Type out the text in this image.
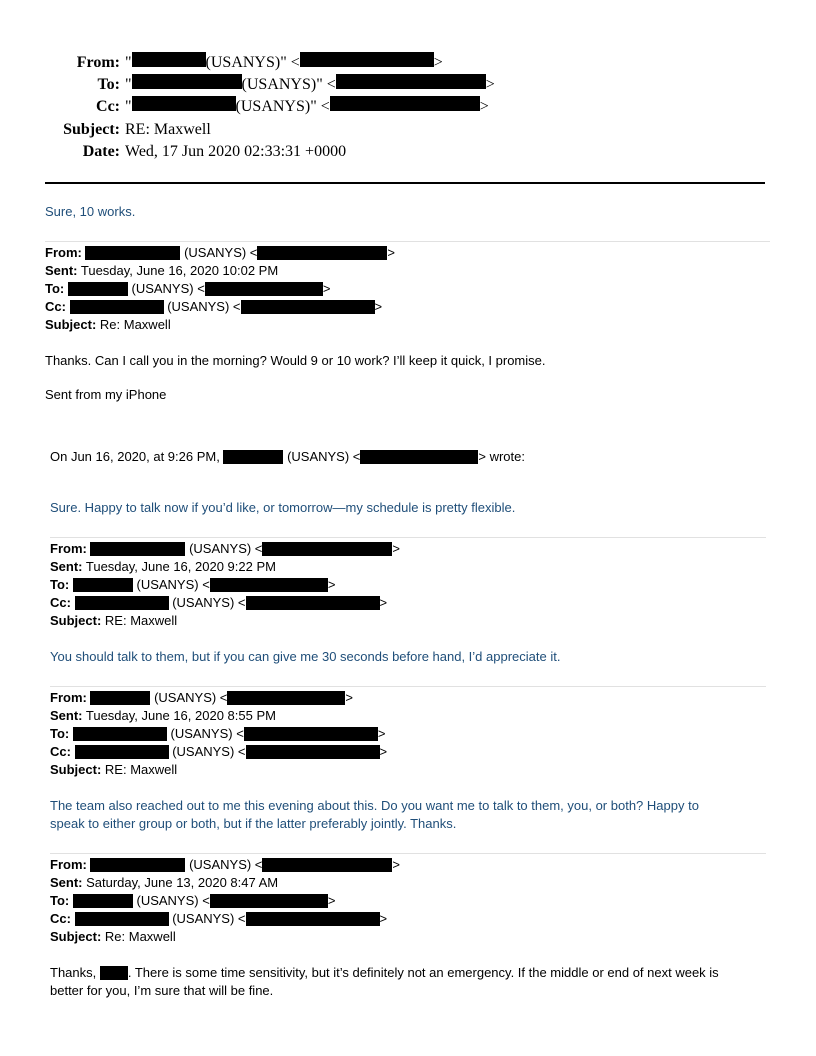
From: "	(USANYS)" <	>
To: "	(USANYS)" <	>
Cc: "	(USANYS)" <	>
Subject: RE: Maxwell
Date: Wed, 17 Jun 2020 02:33:31 +0000
Sure, 10 works.
From:	(USANYS) <	>
Sent: Tuesday, June 16, 2020 10:02 PM
To:	(USANYS) <	>
Cc:	(USANYS) <	>
Subject: Re: Maxwell
Thanks. Can I call you in the morning? Would 9 or 10 work? I’ll keep it quick, I promise.
Sent from my iPhone
On Jun 16, 2020, at 9:26 PM,	(USANYS) <	> wrote:
Sure. Happy to talk now if you’d like, or tomorrow—my schedule is pretty flexible.
From:	(USANYS) <	>
Sent: Tuesday, June 16, 2020 9:22 PM
To:	(USANYS) <	>
Cc:	(USANYS) <	>
Subject: RE: Maxwell
You should talk to them, but if you can give me 30 seconds before hand, I’d appreciate it.
From:	(USANYS) <	>
Sent: Tuesday, June 16, 2020 8:55 PM
To:	(USANYS) <	>
Cc:	(USANYS) <	>
Subject: RE: Maxwell
The team also reached out to me this evening about this. Do you want me to talk to them, you, or both? Happy to
speak to either group or both, but if the latter preferably jointly. Thanks.
From:	(USANYS) <	>
Sent: Saturday, June 13, 2020 8:47 AM
To:	(USANYS) <	>
Cc:	(USANYS) <	>
Subject: Re: Maxwell
Thanks, . There is some time sensitivity, but it’s definitely not an emergency. If the middle or end of next week is
better for you, I’m sure that will be fine.
